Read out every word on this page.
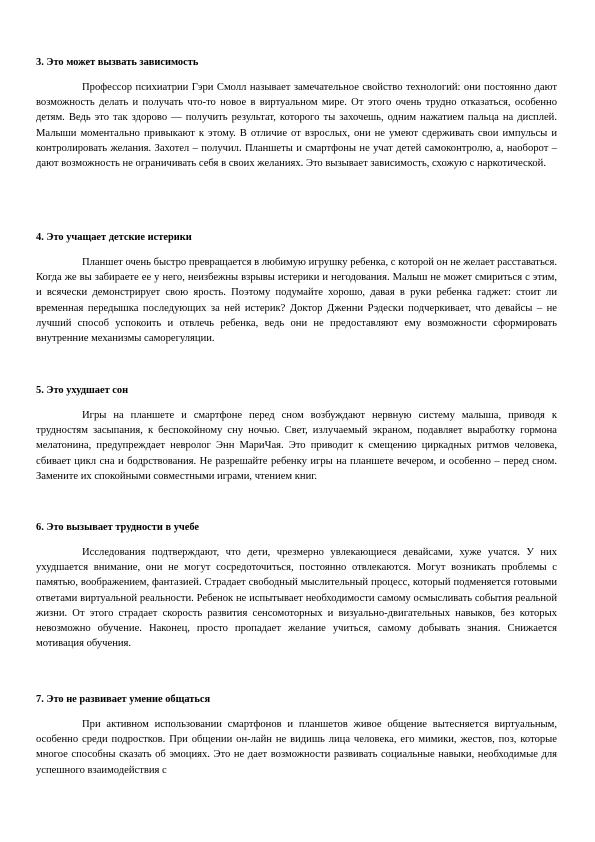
3. Это может вызвать зависимость

Профессор психиатрии Гэри Смолл называет замечательное свойство технологий: они постоянно дают возможность делать и получать что-то новое в виртуальном мире. От этого очень трудно отказаться, особенно детям. Ведь это так здорово — получить результат, которого ты захочешь, одним нажатием пальца на дисплей. Малыши моментально привыкают к этому. В отличие от взрослых, они не умеют сдерживать свои импульсы и контролировать желания. Захотел – получил. Планшеты и смартфоны не учат детей самоконтролю, а, наоборот – дают возможность не ограничивать себя в своих желаниях. Это вызывает зависимость, схожую с наркотической.

4. Это учащает детские истерики

Планшет очень быстро превращается в любимую игрушку ребенка, с которой он не желает расставаться. Когда же вы забираете ее у него, неизбежны взрывы истерики и негодования. Малыш не может смириться с этим, и всячески демонстрирует свою ярость. Поэтому подумайте хорошо, давая в руки ребенка гаджет: стоит ли временная передышка последующих за ней истерик? Доктор Дженни Рэдески подчеркивает, что девайсы – не лучший способ успокоить и отвлечь ребенка, ведь они не предоставляют ему возможности сформировать внутренние механизмы саморегуляции.

5. Это ухудшает сон

Игры на планшете и смартфоне перед сном возбуждают нервную систему малыша, приводя к трудностям засыпания, к беспокойному сну ночью. Свет, излучаемый экраном, подавляет выработку гормона мелатонина, предупреждает невролог Энн МариЧая. Это приводит к смещению циркадных ритмов человека, сбивает цикл сна и бодрствования. Не разрешайте ребенку игры на планшете вечером, и особенно – перед сном. Замените их спокойными совместными играми, чтением книг.

6. Это вызывает трудности в учебе

Исследования подтверждают, что дети, чрезмерно увлекающиеся девайсами, хуже учатся. У них ухудшается внимание, они не могут сосредоточиться, постоянно отвлекаются. Могут возникать проблемы с памятью, воображением, фантазией. Страдает свободный мыслительный процесс, который подменяется готовыми ответами виртуальной реальности. Ребенок не испытывает необходимости самому осмысливать события реальной жизни. От этого страдает скорость развития сенсомоторных и визуально-двигательных навыков, без которых невозможно обучение. Наконец, просто пропадает желание учиться, самому добывать знания. Снижается мотивация обучения.

7. Это не развивает умение общаться

При активном использовании смартфонов и планшетов живое общение вытесняется виртуальным, особенно среди подростков. При общении он-лайн не видишь лица человека, его мимики, жестов, поз, которые многое способны сказать об эмоциях. Это не дает возможности развивать социальные навыки, необходимые для успешного взаимодействия с
